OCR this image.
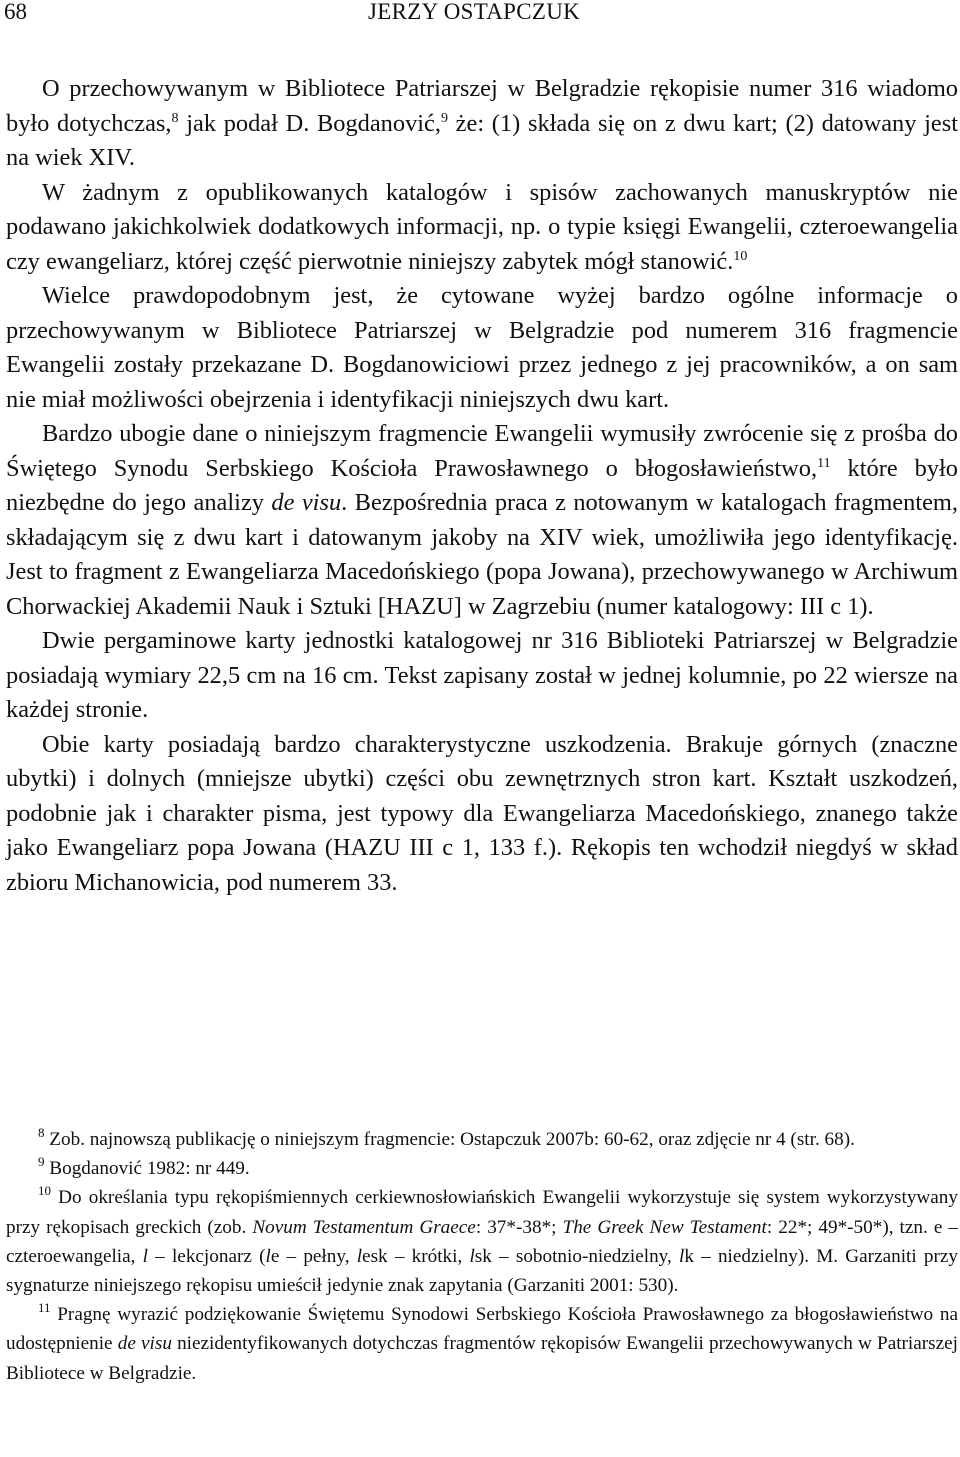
68	JERZY OSTAPCZUK

O przechowywanym w Bibliotece Patriarszej w Belgradzie rękopisie numer 316 wiadomo było dotychczas,$^8$ jak podał D. Bogdanović,$^9$ że: (1) składa się on z dwu kart; (2) datowany jest na wiek XIV.

W żadnym z opublikowanych katalogów i spisów zachowanych manuskryptów nie podawano jakichkolwiek dodatkowych informacji, np. o typie księgi Ewangelii, czteroewangelia czy ewangeliarz, której część pierwotnie niniejszy zabytek mógł stanowić.$^{10}$

Wielce prawdopodobnym jest, że cytowane wyżej bardzo ogólne informacje o przechowywanym w Bibliotece Patriarszej w Belgradzie pod numerem 316 fragmencie Ewangelii zostały przekazane D. Bogdanowiciowi przez jednego z jej pracowników, a on sam nie miał możliwości obejrzenia i identyfikacji niniejszych dwu kart.

Bardzo ubogie dane o niniejszym fragmencie Ewangelii wymusiły zwrócenie się z prośba do Świętego Synodu Serbskiego Kościoła Prawosławnego o błogosławieństwo,$^{11}$ które było niezbędne do jego analizy de visu. Bezpośrednia praca z notowanym w katalogach fragmentem, składającym się z dwu kart i datowanym jakoby na XIV wiek, umożliwiła jego identyfikację. Jest to fragment z Ewangeliarza Macedońskiego (popa Jowana), przechowywanego w Archiwum Chorwackiej Akademii Nauk i Sztuki [HAZU] w Zagrzebiu (numer katalogowy: III c 1).

Dwie pergaminowe karty jednostki katalogowej nr 316 Biblioteki Patriarszej w Belgradzie posiadają wymiary 22,5 cm na 16 cm. Tekst zapisany został w jednej kolumnie, po 22 wiersze na każdej stronie.

Obie karty posiadają bardzo charakterystyczne uszkodzenia. Brakuje górnych (znaczne ubytki) i dolnych (mniejsze ubytki) części obu zewnętrznych stron kart. Kształt uszkodzeń, podobnie jak i charakter pisma, jest typowy dla Ewangeliarza Macedońskiego, znanego także jako Ewangeliarz popa Jowana (HAZU III c 1, 133 f.). Rękopis ten wchodził niegdyś w skład zbioru Michanowicia, pod numerem 33.

$^8$ Zob. najnowszą publikację o niniejszym fragmencie: Ostapczuk 2007b: 60-62, oraz zdjęcie nr 4 (str. 68).

$^9$ Bogdanović 1982: nr 449.

$^{10}$ Do określania typu rękopiśmiennych cerkiewnosłowiańskich Ewangelii wykorzystuje się system wykorzystywany przy rękopisach greckich (zob. Novum Testamentum Graece: 37*-38*; The Greek New Testament: 22*; 49*-50*), tzn. e – czteroewangelia, l – lekcjonarz (le – pełny, lesk – krótki, lsk – sobotnio-niedzielny, lk – niedzielny). M. Garzaniti przy sygnaturze niniejszego rękopisu umieścił jedynie znak zapytania (Garzaniti 2001: 530).

$^{11}$ Pragnę wyrazić podziękowanie Świętemu Synodowi Serbskiego Kościoła Prawosławnego za błogosławieństwo na udostępnienie de visu niezidentyfikowanych dotychczas fragmentów rękopisów Ewangelii przechowywanych w Patriarszej Bibliotece w Belgradzie.
